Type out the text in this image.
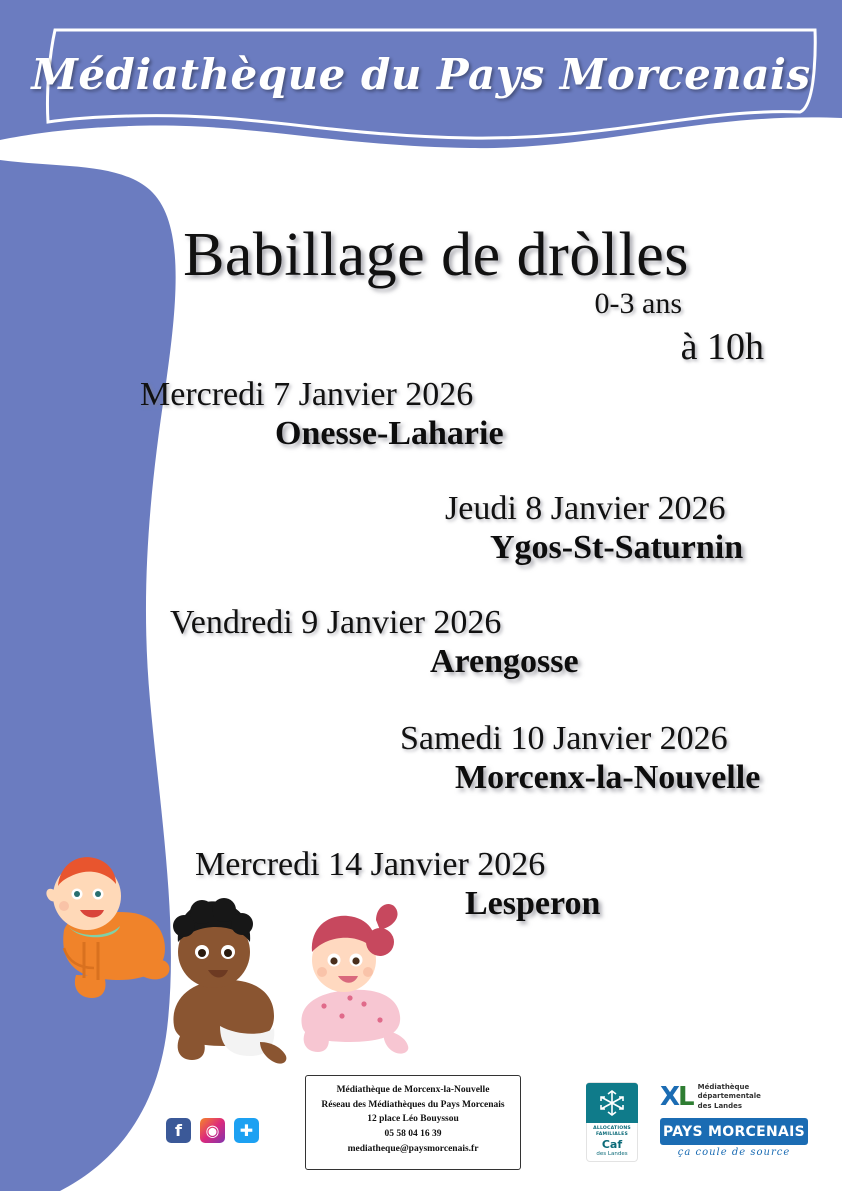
Médiathèque du Pays Morcenais
Babillage de dròlles
0-3 ans
à 10h
Mercredi 7 Janvier 2026
Onesse-Laharie
Jeudi 8 Janvier 2026
Ygos-St-Saturnin
Vendredi 9 Janvier 2026
Arengosse
Samedi 10 Janvier 2026
Morcenx-la-Nouvelle
Mercredi 14 Janvier 2026
Lesperon
f	◉	✚
Médiathèque de Morcenx-la-Nouvelle
Réseau des Médiathèques du Pays Morcenais
12 place Léo Bouyssou
05 58 04 16 39
mediatheque@paysmorcenais.fr
ALLOCATIONS FAMILIALES
Caf
des Landes
XL Médiathèque
départementale
des Landes
PAYS MORCENAIS
ça coule de source
